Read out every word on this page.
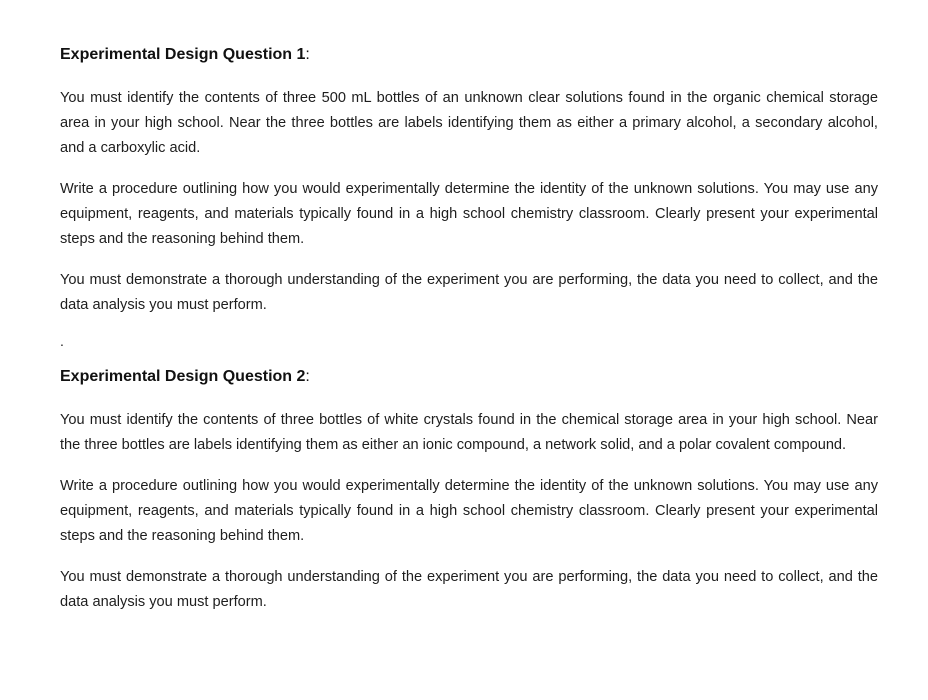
Experimental Design Question 1:

You must identify the contents of three 500 mL bottles of an unknown clear solutions found in the organic chemical storage area in your high school. Near the three bottles are labels identifying them as either a primary alcohol, a secondary alcohol, and a carboxylic acid.

Write a procedure outlining how you would experimentally determine the identity of the unknown solutions. You may use any equipment, reagents, and materials typically found in a high school chemistry classroom. Clearly present your experimental steps and the reasoning behind them.

You must demonstrate a thorough understanding of the experiment you are performing, the data you need to collect, and the data analysis you must perform.

.
Experimental Design Question 2:

You must identify the contents of three bottles of white crystals found in the chemical storage area in your high school. Near the three bottles are labels identifying them as either an ionic compound, a network solid, and a polar covalent compound.

Write a procedure outlining how you would experimentally determine the identity of the unknown solutions. You may use any equipment, reagents, and materials typically found in a high school chemistry classroom. Clearly present your experimental steps and the reasoning behind them.

You must demonstrate a thorough understanding of the experiment you are performing, the data you need to collect, and the data analysis you must perform.
